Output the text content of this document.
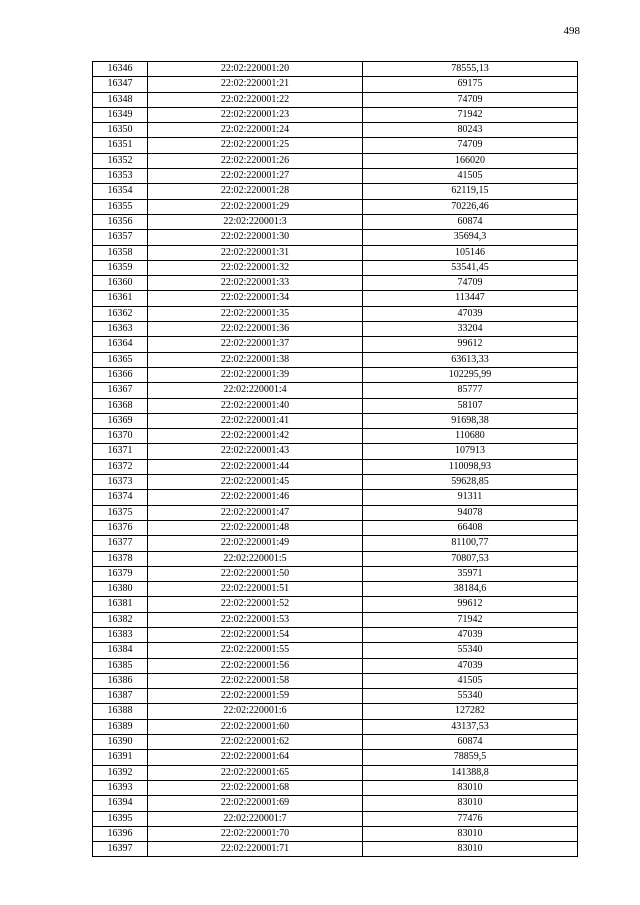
498
16346	22:02:220001:20	78555,13
16347	22:02:220001:21	69175
16348	22:02:220001:22	74709
16349	22:02:220001:23	71942
16350	22:02:220001:24	80243
16351	22:02:220001:25	74709
16352	22:02:220001:26	166020
16353	22:02:220001:27	41505
16354	22:02:220001:28	62119,15
16355	22:02:220001:29	70226,46
16356	22:02:220001:3	60874
16357	22:02:220001:30	35694,3
16358	22:02:220001:31	105146
16359	22:02:220001:32	53541,45
16360	22:02:220001:33	74709
16361	22:02:220001:34	113447
16362	22:02:220001:35	47039
16363	22:02:220001:36	33204
16364	22:02:220001:37	99612
16365	22:02:220001:38	63613,33
16366	22:02:220001:39	102295,99
16367	22:02:220001:4	85777
16368	22:02:220001:40	58107
16369	22:02:220001:41	91698,38
16370	22:02:220001:42	110680
16371	22:02:220001:43	107913
16372	22:02:220001:44	110098,93
16373	22:02:220001:45	59628,85
16374	22:02:220001:46	91311
16375	22:02:220001:47	94078
16376	22:02:220001:48	66408
16377	22:02:220001:49	81100,77
16378	22:02:220001:5	70807,53
16379	22:02:220001:50	35971
16380	22:02:220001:51	38184,6
16381	22:02:220001:52	99612
16382	22:02:220001:53	71942
16383	22:02:220001:54	47039
16384	22:02:220001:55	55340
16385	22:02:220001:56	47039
16386	22:02:220001:58	41505
16387	22:02:220001:59	55340
16388	22:02:220001:6	127282
16389	22:02:220001:60	43137,53
16390	22:02:220001:62	60874
16391	22:02:220001:64	78859,5
16392	22:02:220001:65	141388,8
16393	22:02:220001:68	83010
16394	22:02:220001:69	83010
16395	22:02:220001:7	77476
16396	22:02:220001:70	83010
16397	22:02:220001:71	83010
